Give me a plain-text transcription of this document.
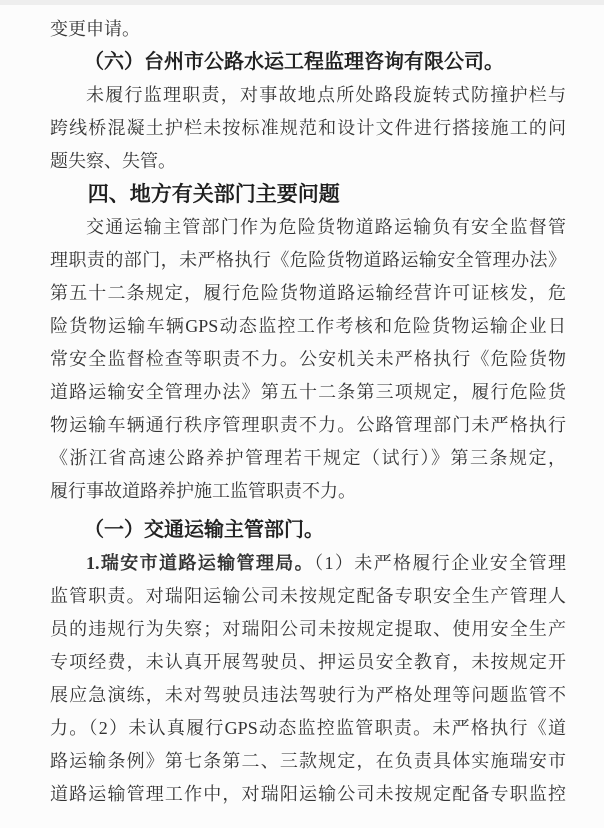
变更申请。
（六）台州市公路水运工程监理咨询有限公司。
未履行监理职责，对事故地点所处路段旋转式防撞护栏与
跨线桥混凝土护栏未按标准规范和设计文件进行搭接施工的问
题失察、失管。
四、地方有关部门主要问题
交通运输主管部门作为危险货物道路运输负有安全监督管
理职责的部门，未严格执行《危险货物道路运输安全管理办法》
第五十二条规定，履行危险货物道路运输经营许可证核发，危
险货物运输车辆GPS动态监控工作考核和危险货物运输企业日
常安全监督检查等职责不力。公安机关未严格执行《危险货物
道路运输安全管理办法》第五十二条第三项规定，履行危险货
物运输车辆通行秩序管理职责不力。公路管理部门未严格执行
《浙江省高速公路养护管理若干规定（试行）》第三条规定，
履行事故道路养护施工监管职责不力。
（一）交通运输主管部门。
1.瑞安市道路运输管理局。（1）未严格履行企业安全管理
监管职责。对瑞阳运输公司未按规定配备专职安全生产管理人
员的违规行为失察；对瑞阳公司未按规定提取、使用安全生产
专项经费，未认真开展驾驶员、押运员安全教育，未按规定开
展应急演练，未对驾驶员违法驾驶行为严格处理等问题监管不
力。（2）未认真履行GPS动态监控监管职责。未严格执行《道
路运输条例》第七条第二、三款规定，在负责具体实施瑞安市
道路运输管理工作中，对瑞阳运输公司未按规定配备专职监控
